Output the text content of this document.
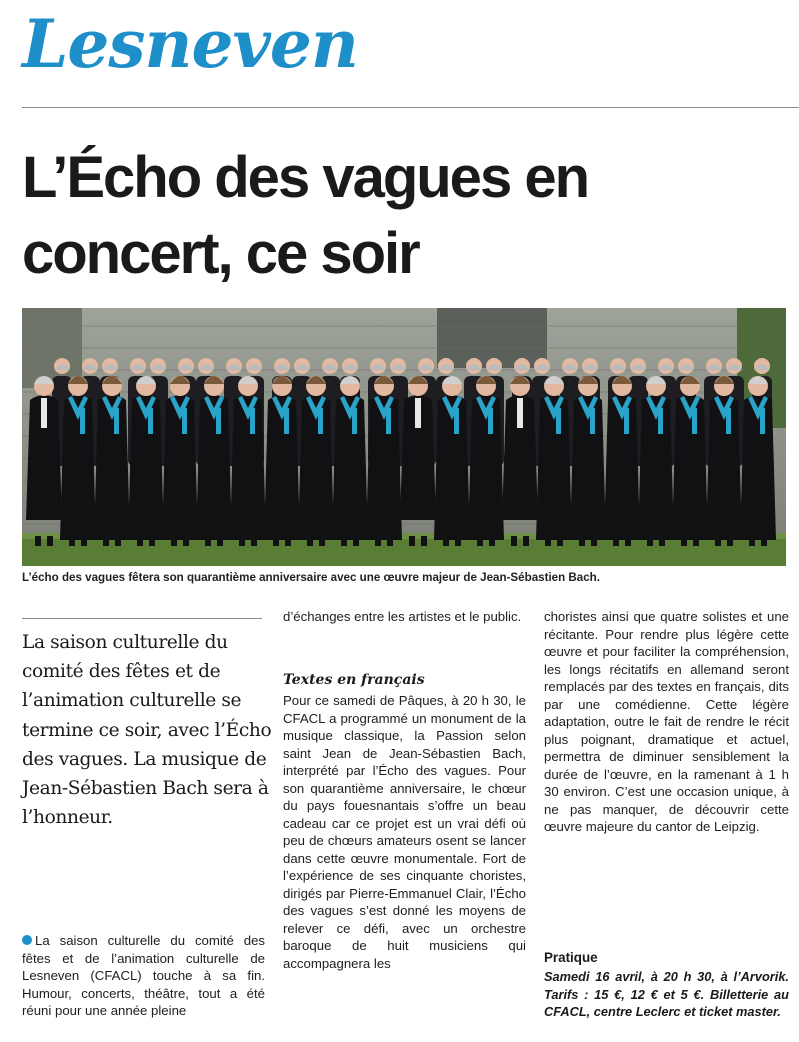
Lesneven
L’Écho des vagues en concert, ce soir
L’écho des vagues fêtera son quarantième anniversaire avec une œuvre majeur de Jean-Sébastien Bach.

La saison culturelle du comité des fêtes et de l’animation culturelle se termine ce soir, avec l’Écho des vagues. La musique de Jean-Sébastien Bach sera à l’honneur.

La saison culturelle du comité des fêtes et de l’animation culturelle de Lesneven (CFACL) touche à sa fin. Humour, concerts, théâtre, tout a été réuni pour une année pleine

d’échanges entre les artistes et le public.

Textes en français

Pour ce samedi de Pâques, à 20 h 30, le CFACL a programmé un monument de la musique classique, la Passion selon saint Jean de Jean-Sébastien Bach, interprété par l’Écho des vagues. Pour son quarantième anniversaire, le chœur du pays fouesnantais s’offre un beau cadeau car ce projet est un vrai défi où peu de chœurs amateurs osent se lancer dans cette œuvre monumentale. Fort de l’expérience de ses cinquante choristes, dirigés par Pierre-Emmanuel Clair, l’Écho des vagues s’est donné les moyens de relever ce défi, avec un orchestre baroque de huit musiciens qui accompagnera les

choristes ainsi que quatre solistes et une récitante. Pour rendre plus légère cette œuvre et pour faciliter la compréhension, les longs récitatifs en allemand seront remplacés par des textes en français, dits par une comédienne. Cette légère adaptation, outre le fait de rendre le récit plus poignant, dramatique et actuel, permettra de diminuer sensiblement la durée de l’œuvre, en la ramenant à 1 h 30 environ. C’est une occasion unique, à ne pas manquer, de découvrir cette œuvre majeure du cantor de Leipzig.

Pratique

Samedi 16 avril, à 20 h 30, à l’Arvorik. Tarifs : 15 €, 12 € et 5 €. Billetterie au CFACL, centre Leclerc et ticket master.
